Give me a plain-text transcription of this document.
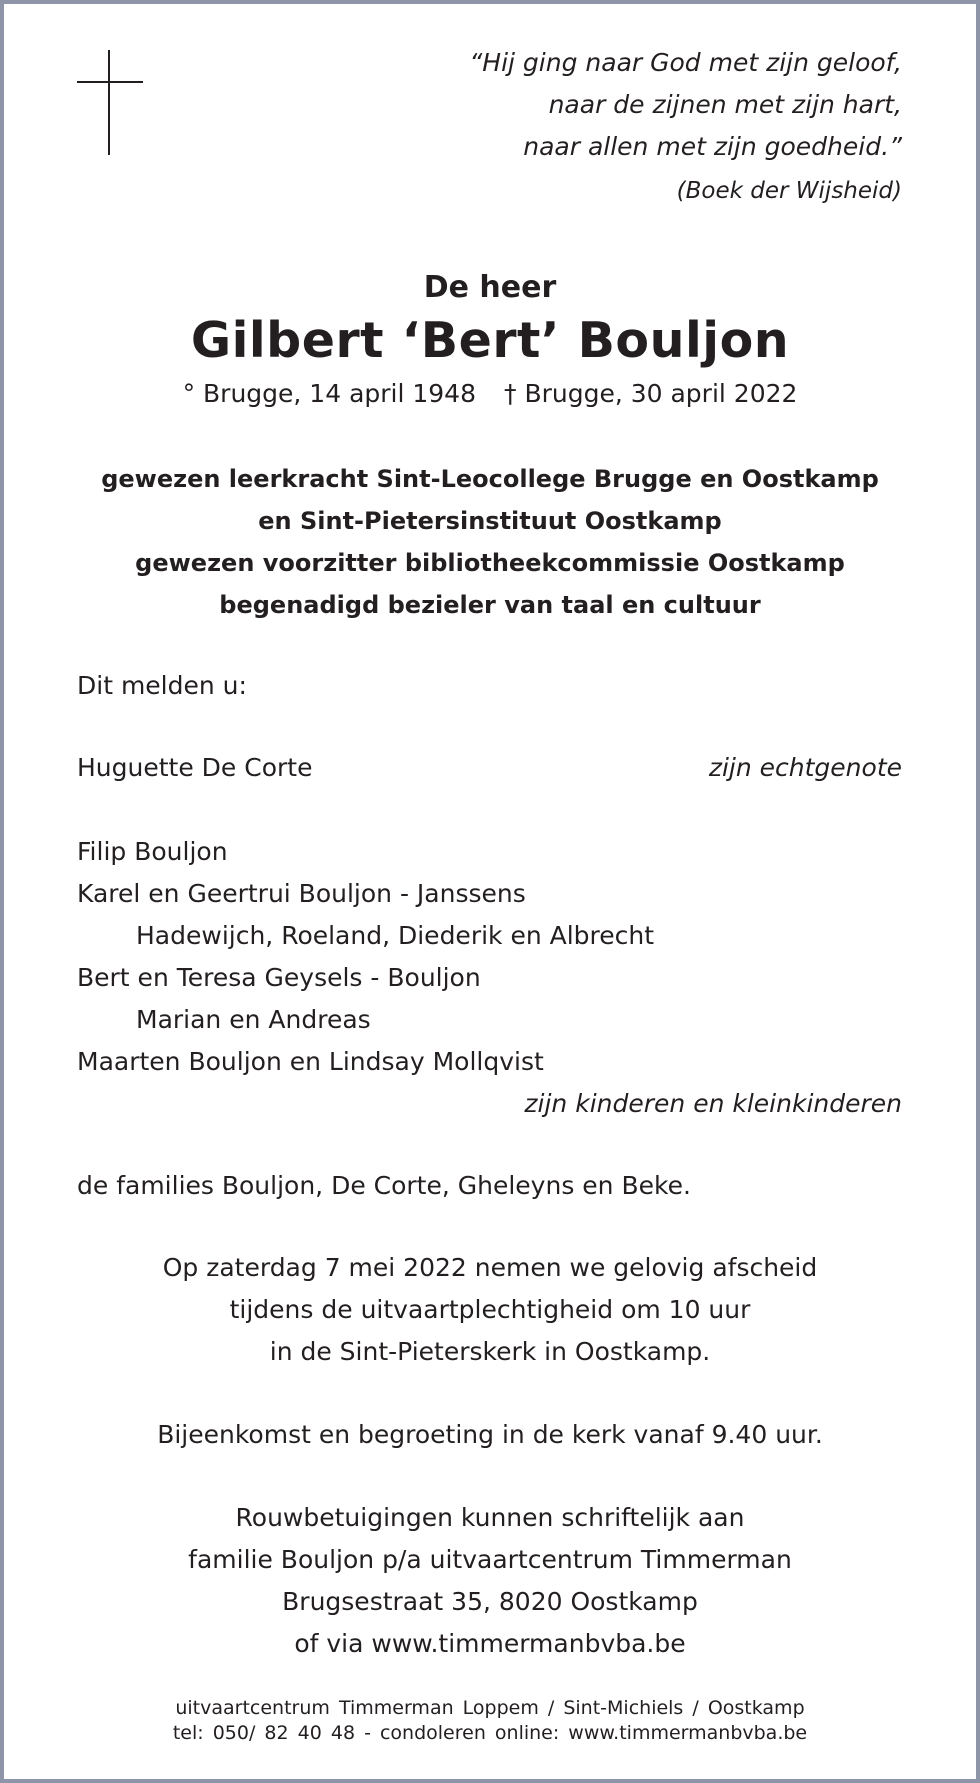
“Hij ging naar God met zijn geloof,
naar de zijnen met zijn hart,
naar allen met zijn goedheid.”
(Boek der Wijsheid)
De heer
Gilbert ‘Bert’ Bouljon
° Brugge, 14 april 1948 † Brugge, 30 april 2022
gewezen leerkracht Sint-Leocollege Brugge en Oostkamp
en Sint-Pietersinstituut Oostkamp
gewezen voorzitter bibliotheekcommissie Oostkamp
begenadigd bezieler van taal en cultuur
Dit melden u:
Huguette De Corte	zijn echtgenote
Filip Bouljon
Karel en Geertrui Bouljon - Janssens
Hadewijch, Roeland, Diederik en Albrecht
Bert en Teresa Geysels - Bouljon
Marian en Andreas
Maarten Bouljon en Lindsay Mollqvist
zijn kinderen en kleinkinderen
de families Bouljon, De Corte, Gheleyns en Beke.
Op zaterdag 7 mei 2022 nemen we gelovig afscheid
tijdens de uitvaartplechtigheid om 10 uur
in de Sint-Pieterskerk in Oostkamp.
Bijeenkomst en begroeting in de kerk vanaf 9.40 uur.
Rouwbetuigingen kunnen schriftelijk aan
familie Bouljon p/a uitvaartcentrum Timmerman
Brugsestraat 35, 8020 Oostkamp
of via www.timmermanbvba.be
uitvaartcentrum Timmerman Loppem / Sint-Michiels / Oostkamp
tel: 050/ 82 40 48 - condoleren online: www.timmermanbvba.be
